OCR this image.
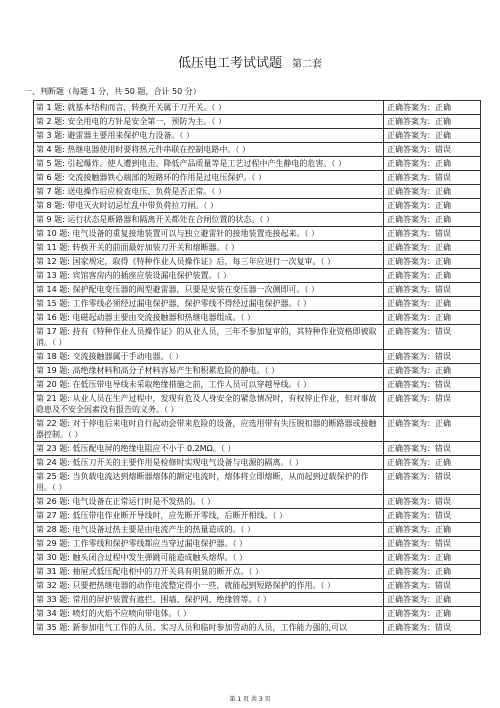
低压电工考试试题 第二套
一、判断题（每题 1 分，共 50 题，合计 50 分）
第 1 题: 就基本结构而言，转换开关属于刀开关。（ ）	正确答案为：正确
第 2 题: 安全用电的方针是安全第一，预防为主。（ ）	正确答案为：正确
第 3 题: 避雷器主要用来保护电力设备。（ ）	正确答案为：正确
第 4 题: 热继电器使用时要将热元件串联在控制电路中。（ ）	正确答案为：错误
第 5 题: 引起爆炸、使人遭到电击、降低产品质量等是工艺过程中产生静电的危害。（ ）	正确答案为：正确
第 6 题: 交流接触器铁心端部的短路环的作用是过电压保护。（ ）	正确答案为：错误
第 7 题: 送电操作后应检查电压、负荷是否正常。（ ）	正确答案为：正确
第 8 题: 带电灭火时切忌忙乱中带负荷拉刀闸。（ ）	正确答案为：正确
第 9 题: 运行状态是断路器和隔离开关都处在合闸位置的状态。（ ）	正确答案为：正确
第 10 题: 电气设备的重复接地装置可以与独立避雷针的接地装置连接起来。（ ）	正确答案为：错误
第 11 题: 转换开关的前面最好加装刀开关和熔断器。（ ）	正确答案为：正确
第 12 题: 国家规定，取得《特种作业人员操作证》后，每三年应进行一次复审。（ ）	正确答案为：正确
第 13 题: 宾馆客房内的插座应装设漏电保护装置。（ ）	正确答案为：正确
第 14 题: 保护配电变压器的阀型避雷器，只要是安装在变压器一次侧即可。（ ）	正确答案为：错误
第 15 题: 工作零线必须经过漏电保护器，保护零线不得经过漏电保护器。（ ）	正确答案为：正确
第 16 题: 电磁起动器主要由交流接触器和热继电器组成。（ ）	正确答案为：正确
第 17 题: 持有《特种作业人员操作证》的从业人员，三年不参加复审的，其特种作业资格即被取消。（ ）	正确答案为：错误
第 18 题: 交流接触器属于手动电器。（ ）	正确答案为：错误
第 19 题: 高绝缘材料和高分子材料容易产生和积累危险的静电。（ ）	正确答案为：正确
第 20 题: 在低压带电导线未采取绝缘措施之前，工作人员可以穿越导线。（ ）	正确答案为：错误
第 21 题: 从业人员在生产过程中，发现有危及人身安全的紧急情况时，有权停止作业，但对事故隐患及不安全因素没有报告的义务。（ ）	正确答案为：错误
第 22 题: 对于停电后来电时自行起动会带来危险的设备，应选用带有失压脱扣器的断路器或接触器控制。（ ）	正确答案为：正确
第 23 题: 低压配电屏的绝缘电阻应不小于 0.2MΩ。（ ）	正确答案为：错误
第 24 题: 低压刀开关的主要作用是检修时实现电气设备与电源的隔离。（ ）	正确答案为：正确
第 25 题: 当负载电流达到熔断器熔体的额定电流时，熔体将立即熔断，从而起到过载保护的作用。（ ）	正确答案为：错误
第 26 题: 电气设备在正常运行时是不发热的。（ ）	正确答案为：错误
第 27 题: 低压带电作业断开导线时，应先断开零线，后断开相线。（ ）	正确答案为：错误
第 28 题: 电气设备过热主要是由电流产生的热量造成的。（ ）	正确答案为：正确
第 29 题: 工作零线和保护零线都应当穿过漏电保护器。（ ）	正确答案为：错误
第 30 题: 触头闭合过程中发生弹跳可能造成触头熔焊。（ ）	正确答案为：正确
第 31 题: 抽屉式低压配电柜中的刀开关具有明显的断开点。（ ）	正确答案为：正确
第 32 题: 只要把热继电器的动作电流整定得小一些，就能起到短路保护的作用。（ ）	正确答案为：错误
第 33 题: 常用的屏护装置有遮拦、围墙、保护网、绝缘管等。（ ）	正确答案为：正确
第 34 题: 喷灯的火焰不应喷向带电体。（ ）	正确答案为：正确
第 35 题: 新参加电气工作的人员、实习人员和临时参加劳动的人员，工作能力强的,可以	正确答案为：错误
第 1 页 共 3 页
